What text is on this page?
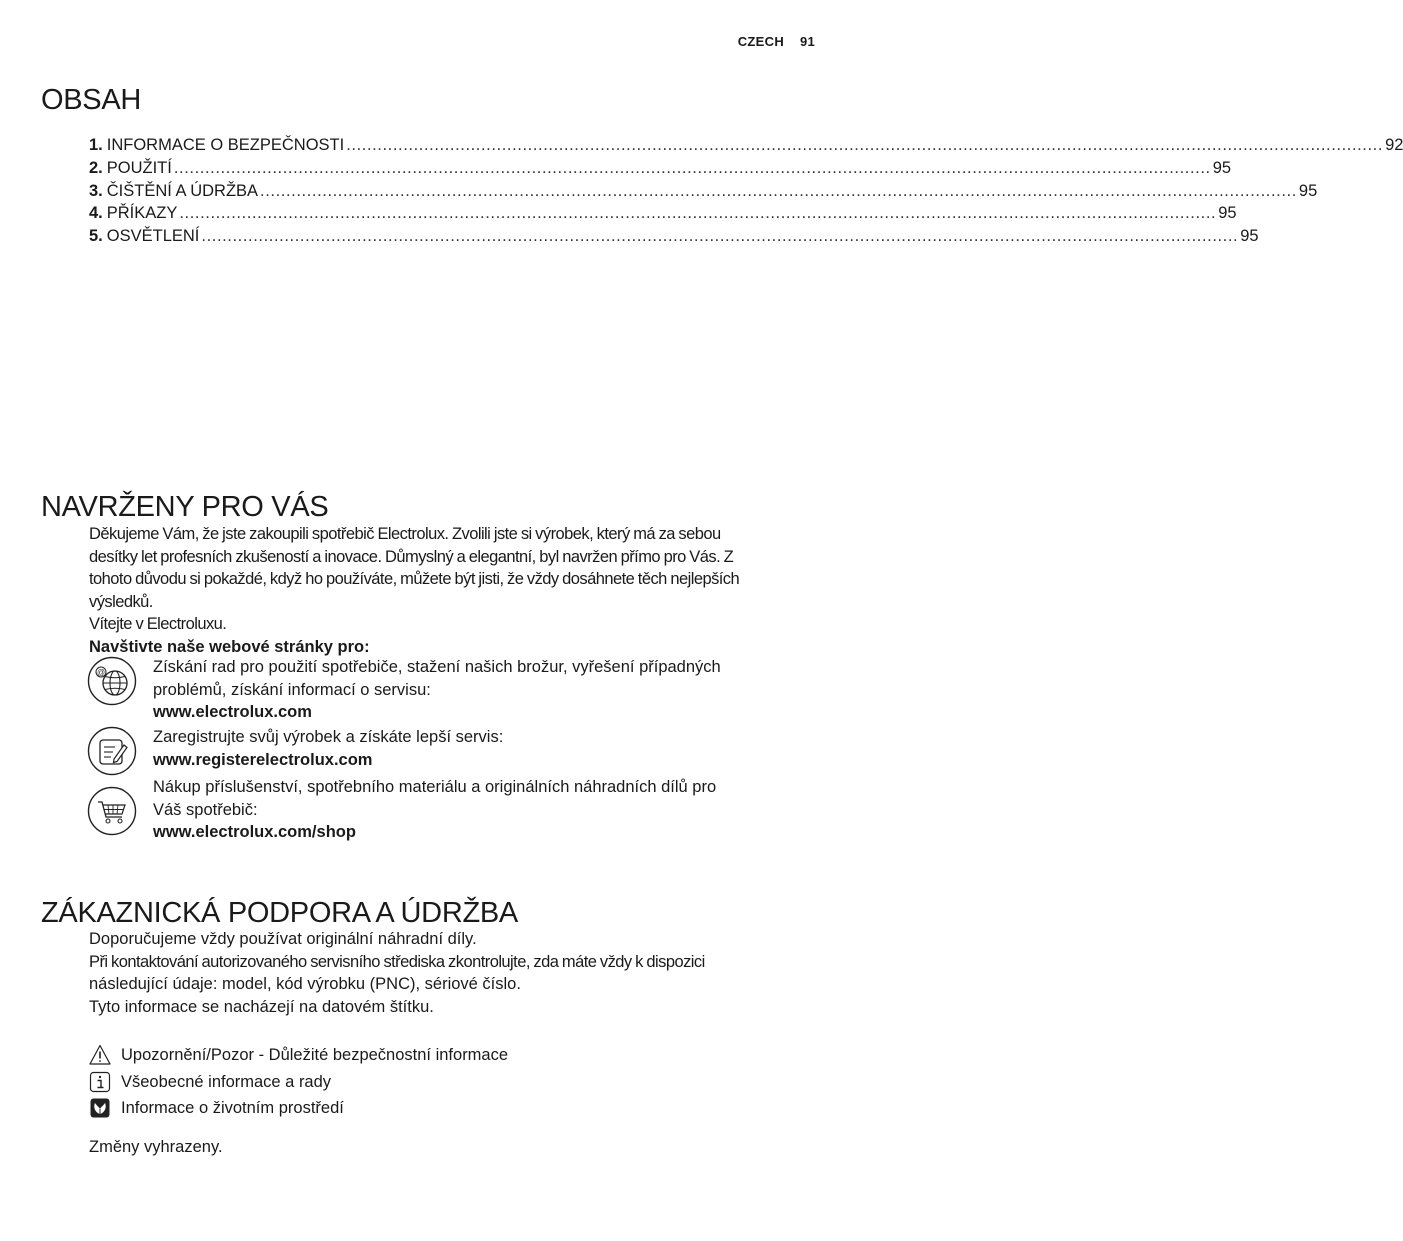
CZECH 91
OBSAH
1. INFORMACE O BEZPEČNOSTI ........................................................................................................................................................................................................ 92
2. POUŽITÍ ........................................................................................................................................................................................................ 95
3. ČIŠTĚNÍ A ÚDRŽBA ........................................................................................................................................................................................................ 95
4. PŘÍKAZY ........................................................................................................................................................................................................ 95
5. OSVĚTLENÍ ........................................................................................................................................................................................................ 95
NAVRŽENY PRO VÁS
Děkujeme Vám, že jste zakoupili spotřebič Electrolux. Zvolili jste si výrobek, který má za sebou
desítky let profesních zkušeností a inovace. Důmyslný a elegantní, byl navržen přímo pro Vás. Z
tohoto důvodu si pokaždé, když ho používáte, můžete být jisti, že vždy dosáhnete těch nejlepších
výsledků.
Vítejte v Electroluxu.
Navštivte naše webové stránky pro:
@	Získání rad pro použití spotřebiče, stažení našich brožur, vyřešení případných
problémů, získání informací o servisu:
www.electrolux.com
Zaregistrujte svůj výrobek a získáte lepší servis:
www.registerelectrolux.com
Nákup příslušenství, spotřebního materiálu a originálních náhradních dílů pro
Váš spotřebič:
www.electrolux.com/shop
ZÁKAZNICKÁ PODPORA A ÚDRŽBA
Doporučujeme vždy používat originální náhradní díly.
Při kontaktování autorizovaného servisního střediska zkontrolujte, zda máte vždy k dispozici
následující údaje: model, kód výrobku (PNC), sériové číslo.
Tyto informace se nacházejí na datovém štítku.
Upozornění/Pozor - Důležité bezpečnostní informace
Všeobecné informace a rady
Informace o životním prostředí
Změny vyhrazeny.
